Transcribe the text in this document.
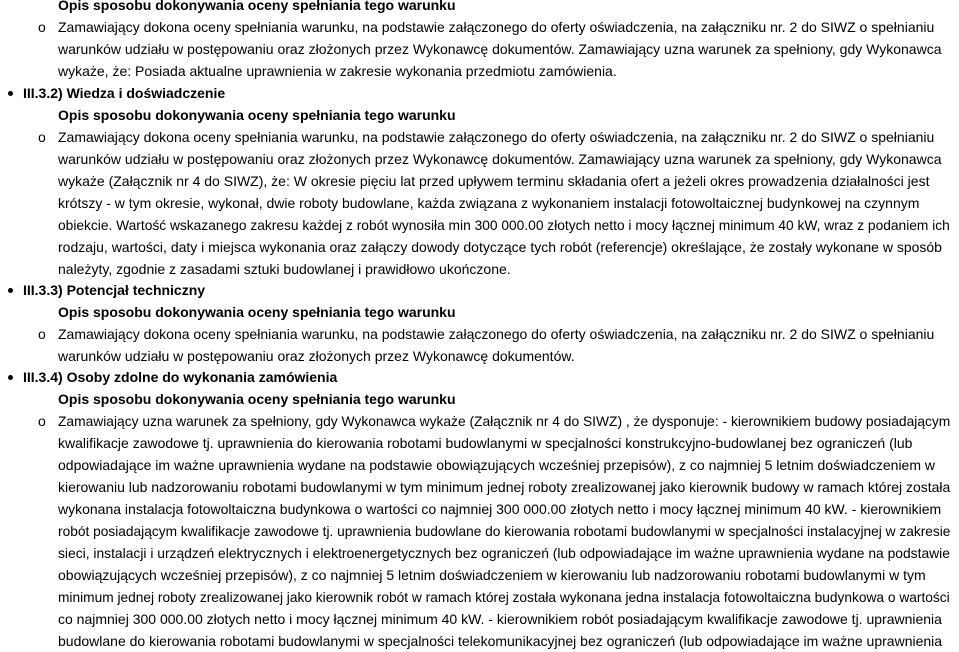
Opis sposobu dokonywania oceny spełniania tego warunku
o Zamawiający dokona oceny spełniania warunku, na podstawie załączonego do oferty oświadczenia, na załączniku nr. 2 do SIWZ o spełnianiu
warunków udziału w postępowaniu oraz złożonych przez Wykonawcę dokumentów. Zamawiający uzna warunek za spełniony, gdy Wykonawca
wykaże, że: Posiada aktualne uprawnienia w zakresie wykonania przedmiotu zamówienia.
III.3.2) Wiedza i doświadczenie
Opis sposobu dokonywania oceny spełniania tego warunku
o Zamawiający dokona oceny spełniania warunku, na podstawie załączonego do oferty oświadczenia, na załączniku nr. 2 do SIWZ o spełnianiu
warunków udziału w postępowaniu oraz złożonych przez Wykonawcę dokumentów. Zamawiający uzna warunek za spełniony, gdy Wykonawca
wykaże (Załącznik nr 4 do SIWZ), że: W okresie pięciu lat przed upływem terminu składania ofert a jeżeli okres prowadzenia działalności jest
krótszy - w tym okresie, wykonał, dwie roboty budowlane, każda związana z wykonaniem instalacji fotowoltaicznej budynkowej na czynnym
obiekcie. Wartość wskazanego zakresu każdej z robót wynosiła min 300 000.00 złotych netto i mocy łącznej minimum 40 kW, wraz z podaniem ich
rodzaju, wartości, daty i miejsca wykonania oraz załączy dowody dotyczące tych robót (referencje) określające, że zostały wykonane w sposób
należyty, zgodnie z zasadami sztuki budowlanej i prawidłowo ukończone.
III.3.3) Potencjał techniczny
Opis sposobu dokonywania oceny spełniania tego warunku
o Zamawiający dokona oceny spełniania warunku, na podstawie załączonego do oferty oświadczenia, na załączniku nr. 2 do SIWZ o spełnianiu
warunków udziału w postępowaniu oraz złożonych przez Wykonawcę dokumentów.
III.3.4) Osoby zdolne do wykonania zamówienia
Opis sposobu dokonywania oceny spełniania tego warunku
o Zamawiający uzna warunek za spełniony, gdy Wykonawca wykaże (Załącznik nr 4 do SIWZ) , że dysponuje: - kierownikiem budowy posiadającym
kwalifikacje zawodowe tj. uprawnienia do kierowania robotami budowlanymi w specjalności konstrukcyjno-budowlanej bez ograniczeń (lub
odpowiadające im ważne uprawnienia wydane na podstawie obowiązujących wcześniej przepisów), z co najmniej 5 letnim doświadczeniem w
kierowaniu lub nadzorowaniu robotami budowlanymi w tym minimum jednej roboty zrealizowanej jako kierownik budowy w ramach której została
wykonana instalacja fotowoltaiczna budynkowa o wartości co najmniej 300 000.00 złotych netto i mocy łącznej minimum 40 kW. - kierownikiem
robót posiadającym kwalifikacje zawodowe tj. uprawnienia budowlane do kierowania robotami budowlanymi w specjalności instalacyjnej w zakresie
sieci, instalacji i urządzeń elektrycznych i elektroenergetycznych bez ograniczeń (lub odpowiadające im ważne uprawnienia wydane na podstawie
obowiązujących wcześniej przepisów), z co najmniej 5 letnim doświadczeniem w kierowaniu lub nadzorowaniu robotami budowlanymi w tym
minimum jednej roboty zrealizowanej jako kierownik robót w ramach której została wykonana jedna instalacja fotowoltaiczna budynkowa o wartości
co najmniej 300 000.00 złotych netto i mocy łącznej minimum 40 kW. - kierownikiem robót posiadającym kwalifikacje zawodowe tj. uprawnienia
budowlane do kierowania robotami budowlanymi w specjalności telekomunikacyjnej bez ograniczeń (lub odpowiadające im ważne uprawnienia
